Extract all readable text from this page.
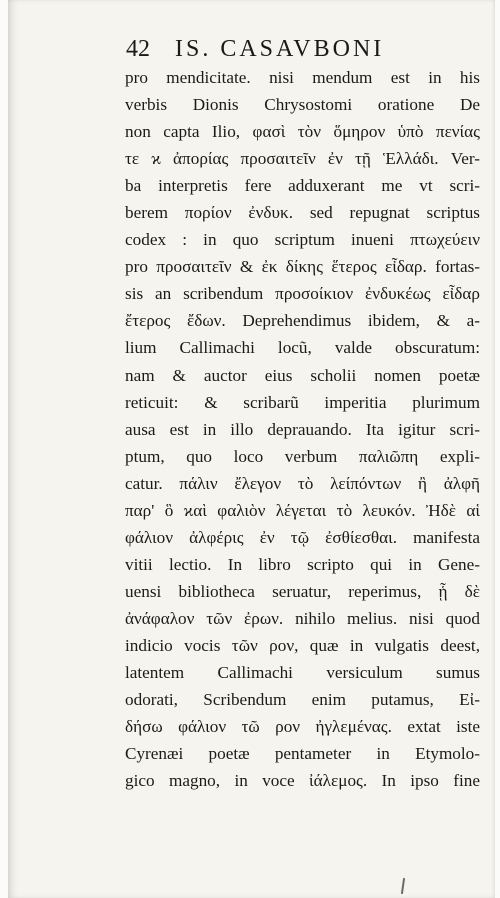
42 IS. CASAVBONI
pro mendicitate. nisi mendum est in his
verbis Dionis Chrysostomi oratione De
non capta Ilio, φασὶ τὸν ὅμηρον ὑπὸ πενίας
τε ϰ ἀπορίας προσαιτεῖν ἐν τῇ Ἑλλάδι. Ver-
ba interpretis fere adduxerant me vt scri-
berem πορίον ἐνδυκ. sed repugnat scriptus
codex : in quo scriptum inueni πτωχεύειν
pro προσαιτεῖν & ἐκ δίκης ἕτερος εἶδαρ. fortas-
sis an scribendum προσοίκιον ἐνδυκέως εἶδαρ
ἔτερος ἔδων. Deprehendimus ibidem, & a-
lium Callimachi locũ, valde obscuratum:
nam & auctor eius scholii nomen poetæ
reticuit: & scribarũ imperitia plurimum
ausa est in illo deprauando. Ita igitur scri-
ptum, quo loco verbum παλιῶπη expli-
catur. πάλιν ἔλεγον τὸ λείπόντων ἢ ἀλφῆ
παρ' ὃ ϰαὶ φαλιὸν λέγεται τὸ λευκόν. Ἠδὲ αἱ
φάλιον ἀλφέρις ἐν τῷ ἐσθίεσθαι. manifesta
vitii lectio. In libro scripto qui in Gene-
uensi bibliotheca seruatur, reperimus, ᾗ δὲ
ἀνάφαλον τῶν ἐρων. nihilo melius. nisi quod
indicio vocis τῶν ρον, quæ in vulgatis deest,
latentem Callimachi versiculum sumus
odorati, Scribendum enim putamus, Εἰ-
δήσω φάλιον τῶ ρον ἠγλεμένας. extat iste
Cyrenæi poetæ pentameter in Etymolo-
gico magno, in voce ἰάλεμος. In ipso fine
